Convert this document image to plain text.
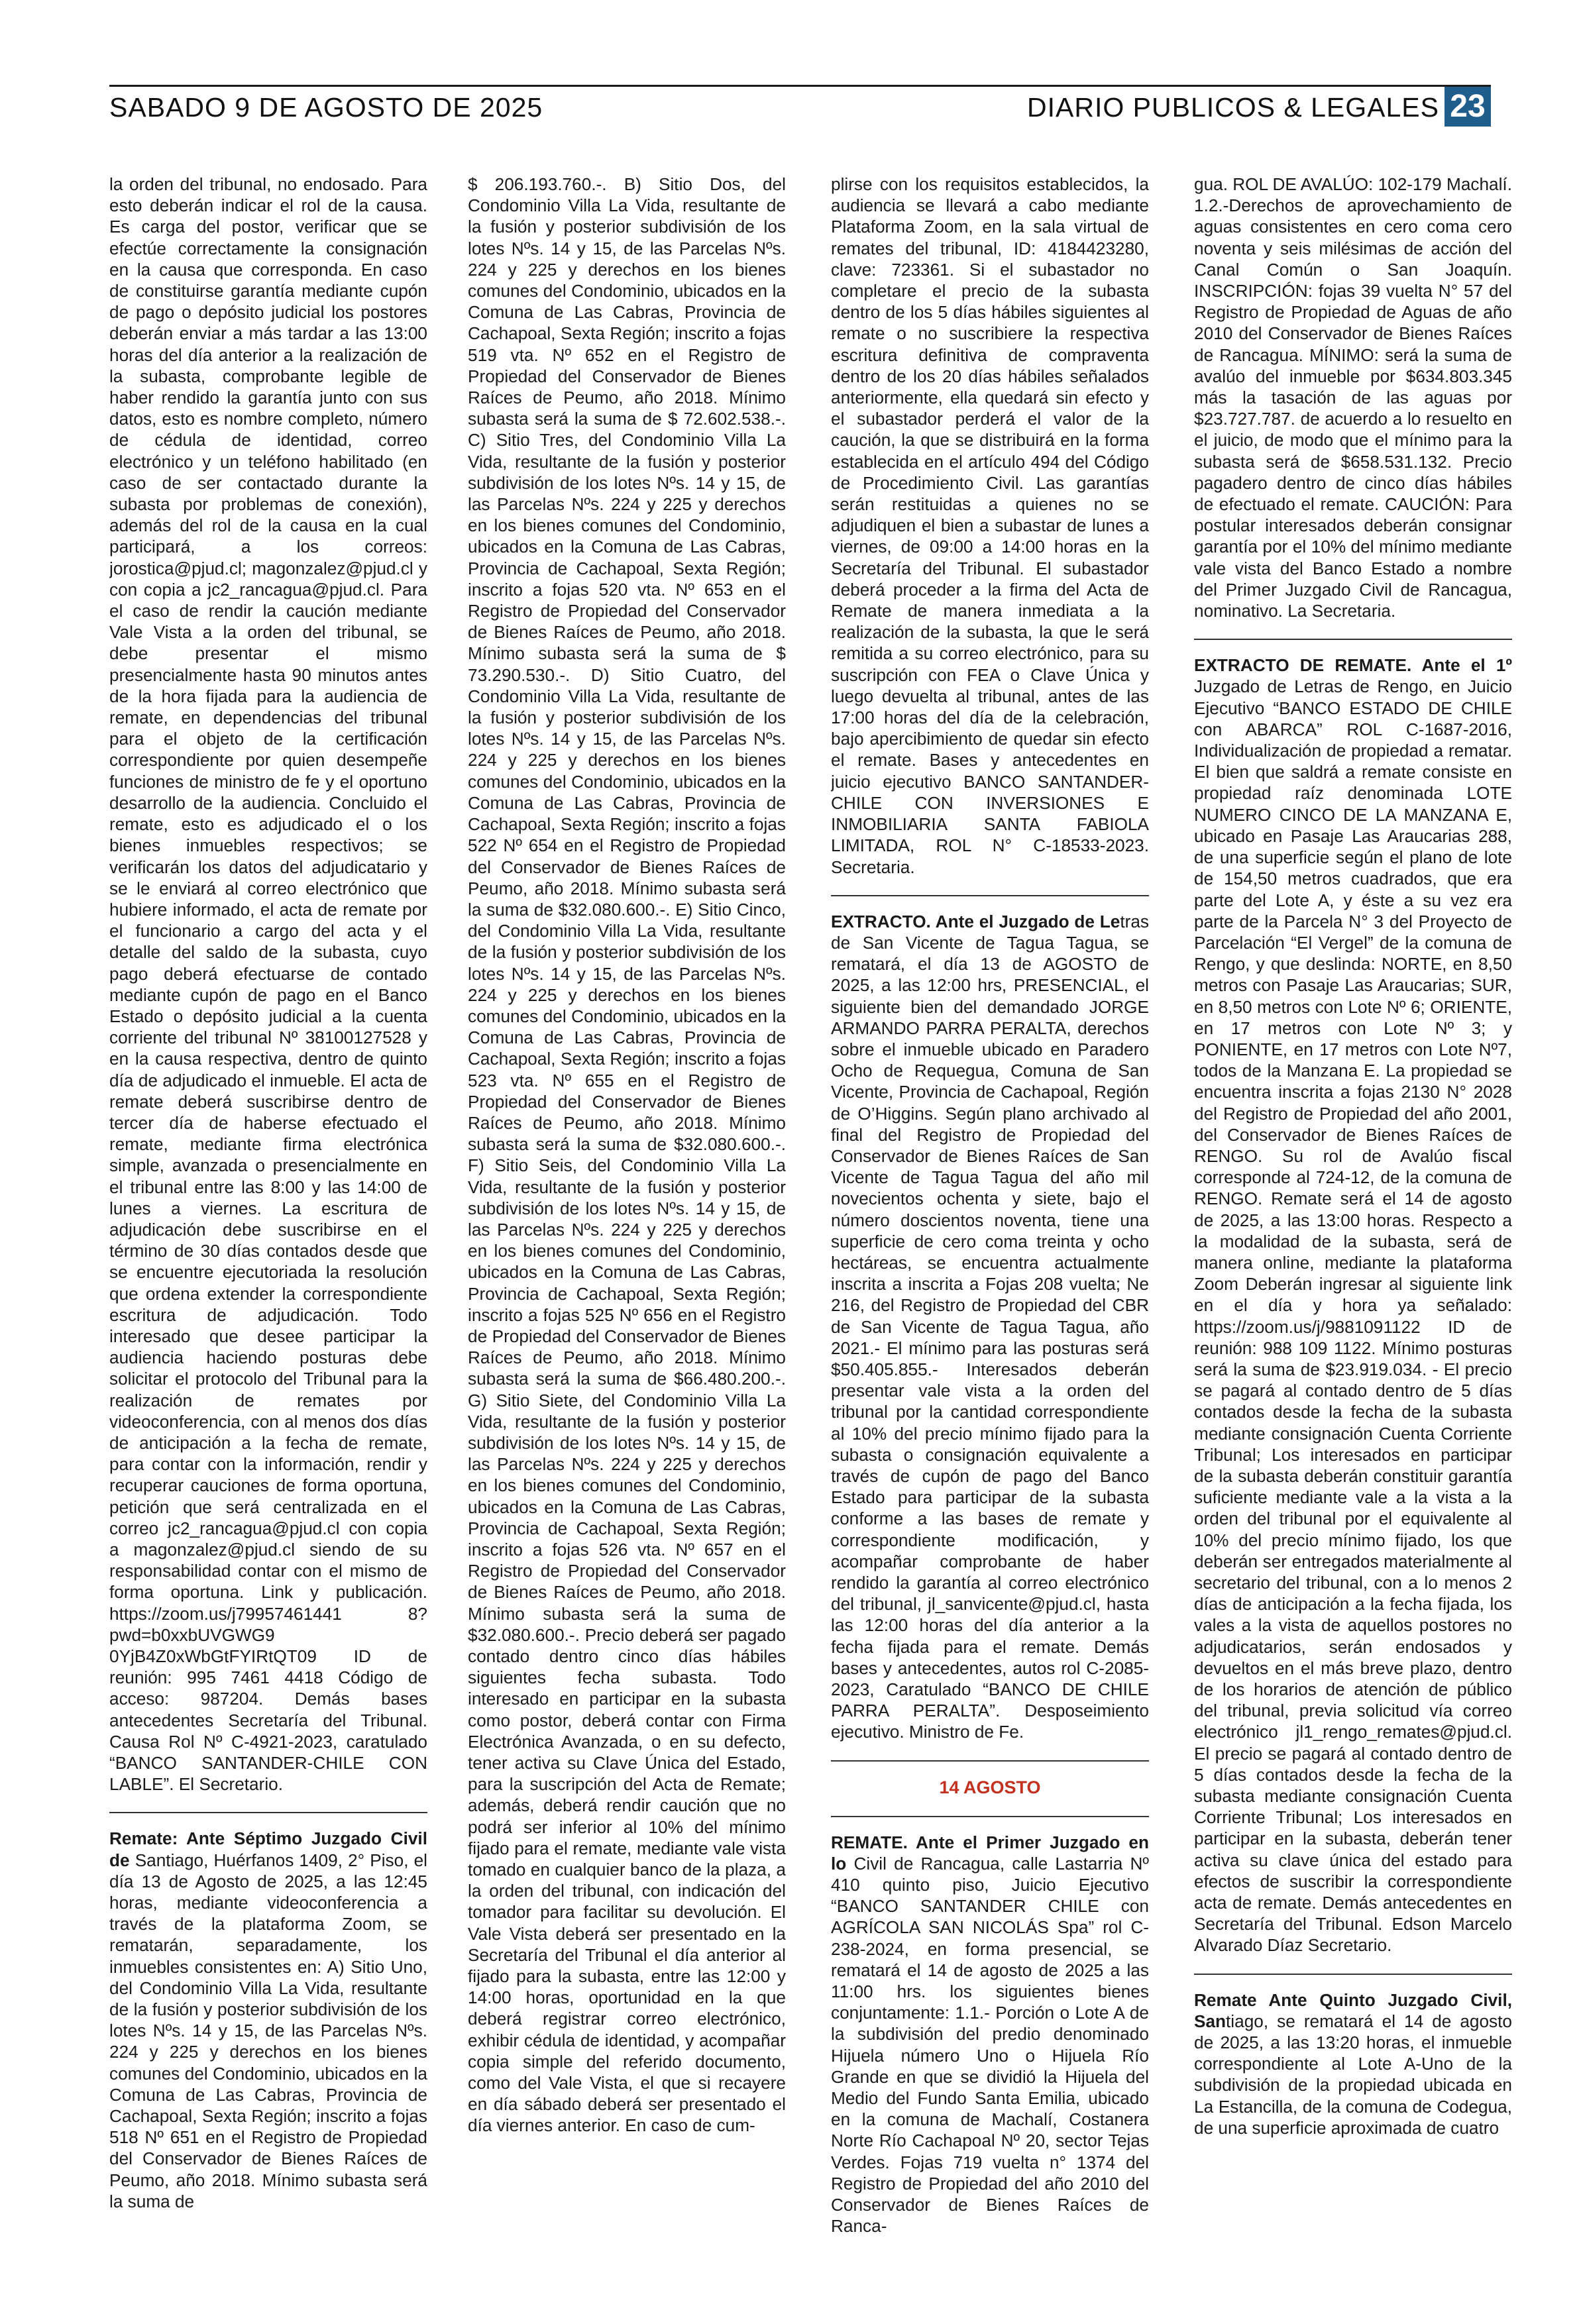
SABADO 9 DE AGOSTO DE 2025	DIARIO PUBLICOS & LEGALES 23

la orden del tribunal, no endosado. Para esto deberán indicar el rol de la causa. Es carga del postor, verificar que se efectúe correctamente la consignación en la causa que corresponda. En caso de constituirse garantía mediante cupón de pago o depósito judicial los postores deberán enviar a más tardar a las 13:00 horas del día anterior a la realización de la subasta, comprobante legible de haber rendido la garantía junto con sus datos, esto es nombre completo, número de cédula de identidad, correo electrónico y un teléfono habilitado (en caso de ser contactado durante la subasta por problemas de conexión), además del rol de la causa en la cual participará, a los correos: jorostica@pjud.cl; magonzalez@pjud.cl y con copia a jc2_rancagua@pjud.cl. Para el caso de rendir la caución mediante Vale Vista a la orden del tribunal, se debe presentar el mismo presencialmente hasta 90 minutos antes de la hora fijada para la audiencia de remate, en dependencias del tribunal para el objeto de la certificación correspondiente por quien desempeñe funciones de ministro de fe y el oportuno desarrollo de la audiencia. Concluido el remate, esto es adjudicado el o los bienes inmuebles respectivos; se verificarán los datos del adjudicatario y se le enviará al correo electrónico que hubiere informado, el acta de remate por el funcionario a cargo del acta y el detalle del saldo de la subasta, cuyo pago deberá efectuarse de contado mediante cupón de pago en el Banco Estado o depósito judicial a la cuenta corriente del tribunal Nº 38100127528 y en la causa respectiva, dentro de quinto día de adjudicado el inmueble. El acta de remate deberá suscribirse dentro de tercer día de haberse efectuado el remate, mediante firma electrónica simple, avanzada o presencialmente en el tribunal entre las 8:00 y las 14:00 de lunes a viernes. La escritura de adjudicación debe suscribirse en el término de 30 días contados desde que se encuentre ejecutoriada la resolución que ordena extender la correspondiente escritura de adjudicación. Todo interesado que desee participar la audiencia haciendo posturas debe solicitar el protocolo del Tribunal para la realización de remates por videoconferencia, con al menos dos días de anticipación a la fecha de remate, para contar con la información, rendir y recuperar cauciones de forma oportuna, petición que será centralizada en el correo jc2_rancagua@pjud.cl con copia a magonzalez@pjud.cl siendo de su responsabilidad contar con el mismo de forma oportuna. Link y publicación. https://zoom.us/j79957461441 8?pwd=b0xxbUVGWG9 0YjB4Z0xWbGtFYIRtQT09 ID de reunión: 995 7461 4418 Código de acceso: 987204. Demás bases antecedentes Secretaría del Tribunal. Causa Rol Nº C-4921-2023, caratulado “BANCO SANTANDER-CHILE CON LABLE”. El Secretario.

Remate: Ante Séptimo Juzgado Civil de Santiago, Huérfanos 1409, 2° Piso, el día 13 de Agosto de 2025, a las 12:45 horas, mediante videoconferencia a través de la plataforma Zoom, se rematarán, separadamente, los inmuebles consistentes en: A) Sitio Uno, del Condominio Villa La Vida, resultante de la fusión y posterior subdivisión de los lotes Nºs. 14 y 15, de las Parcelas Nºs. 224 y 225 y derechos en los bienes comunes del Condominio, ubicados en la Comuna de Las Cabras, Provincia de Cachapoal, Sexta Región; inscrito a fojas 518 Nº 651 en el Registro de Propiedad del Conservador de Bienes Raíces de Peumo, año 2018. Mínimo subasta será la suma de

$ 206.193.760.-. B) Sitio Dos, del Condominio Villa La Vida, resultante de la fusión y posterior subdivisión de los lotes Nºs. 14 y 15, de las Parcelas Nºs. 224 y 225 y derechos en los bienes comunes del Condominio, ubicados en la Comuna de Las Cabras, Provincia de Cachapoal, Sexta Región; inscrito a fojas 519 vta. Nº 652 en el Registro de Propiedad del Conservador de Bienes Raíces de Peumo, año 2018. Mínimo subasta será la suma de $ 72.602.538.-. C) Sitio Tres, del Condominio Villa La Vida, resultante de la fusión y posterior subdivisión de los lotes Nºs. 14 y 15, de las Parcelas Nºs. 224 y 225 y derechos en los bienes comunes del Condominio, ubicados en la Comuna de Las Cabras, Provincia de Cachapoal, Sexta Región; inscrito a fojas 520 vta. Nº 653 en el Registro de Propiedad del Conservador de Bienes Raíces de Peumo, año 2018. Mínimo subasta será la suma de $ 73.290.530.-. D) Sitio Cuatro, del Condominio Villa La Vida, resultante de la fusión y posterior subdivisión de los lotes Nºs. 14 y 15, de las Parcelas Nºs. 224 y 225 y derechos en los bienes comunes del Condominio, ubicados en la Comuna de Las Cabras, Provincia de Cachapoal, Sexta Región; inscrito a fojas 522 Nº 654 en el Registro de Propiedad del Conservador de Bienes Raíces de Peumo, año 2018. Mínimo subasta será la suma de $32.080.600.-. E) Sitio Cinco, del Condominio Villa La Vida, resultante de la fusión y posterior subdivisión de los lotes Nºs. 14 y 15, de las Parcelas Nºs. 224 y 225 y derechos en los bienes comunes del Condominio, ubicados en la Comuna de Las Cabras, Provincia de Cachapoal, Sexta Región; inscrito a fojas 523 vta. Nº 655 en el Registro de Propiedad del Conservador de Bienes Raíces de Peumo, año 2018. Mínimo subasta será la suma de $32.080.600.-. F) Sitio Seis, del Condominio Villa La Vida, resultante de la fusión y posterior subdivisión de los lotes Nºs. 14 y 15, de las Parcelas Nºs. 224 y 225 y derechos en los bienes comunes del Condominio, ubicados en la Comuna de Las Cabras, Provincia de Cachapoal, Sexta Región; inscrito a fojas 525 Nº 656 en el Registro de Propiedad del Conservador de Bienes Raíces de Peumo, año 2018. Mínimo subasta será la suma de $66.480.200.-. G) Sitio Siete, del Condominio Villa La Vida, resultante de la fusión y posterior subdivisión de los lotes Nºs. 14 y 15, de las Parcelas Nºs. 224 y 225 y derechos en los bienes comunes del Condominio, ubicados en la Comuna de Las Cabras, Provincia de Cachapoal, Sexta Región; inscrito a fojas 526 vta. Nº 657 en el Registro de Propiedad del Conservador de Bienes Raíces de Peumo, año 2018. Mínimo subasta será la suma de $32.080.600.-. Precio deberá ser pagado contado dentro cinco días hábiles siguientes fecha subasta. Todo interesado en participar en la subasta como postor, deberá contar con Firma Electrónica Avanzada, o en su defecto, tener activa su Clave Única del Estado, para la suscripción del Acta de Remate; además, deberá rendir caución que no podrá ser inferior al 10% del mínimo fijado para el remate, mediante vale vista tomado en cualquier banco de la plaza, a la orden del tribunal, con indicación del tomador para facilitar su devolución. El Vale Vista deberá ser presentado en la Secretaría del Tribunal el día anterior al fijado para la subasta, entre las 12:00 y 14:00 horas, oportunidad en la que deberá registrar correo electrónico, exhibir cédula de identidad, y acompañar copia simple del referido documento, como del Vale Vista, el que si recayere en día sábado deberá ser presentado el día viernes anterior. En caso de cum-

plirse con los requisitos establecidos, la audiencia se llevará a cabo mediante Plataforma Zoom, en la sala virtual de remates del tribunal, ID: 4184423280, clave: 723361. Si el subastador no completare el precio de la subasta dentro de los 5 días hábiles siguientes al remate o no suscribiere la respectiva escritura definitiva de compraventa dentro de los 20 días hábiles señalados anteriormente, ella quedará sin efecto y el subastador perderá el valor de la caución, la que se distribuirá en la forma establecida en el artículo 494 del Código de Procedimiento Civil. Las garantías serán restituidas a quienes no se adjudiquen el bien a subastar de lunes a viernes, de 09:00 a 14:00 horas en la Secretaría del Tribunal. El subastador deberá proceder a la firma del Acta de Remate de manera inmediata a la realización de la subasta, la que le será remitida a su correo electrónico, para su suscripción con FEA o Clave Única y luego devuelta al tribunal, antes de las 17:00 horas del día de la celebración, bajo apercibimiento de quedar sin efecto el remate. Bases y antecedentes en juicio ejecutivo BANCO SANTANDER-CHILE CON INVERSIONES E INMOBILIARIA SANTA FABIOLA LIMITADA, ROL N° C-18533-2023. Secretaria.

EXTRACTO. Ante el Juzgado de Letras de San Vicente de Tagua Tagua, se rematará, el día 13 de AGOSTO de 2025, a las 12:00 hrs, PRESENCIAL, el siguiente bien del demandado JORGE ARMANDO PARRA PERALTA, derechos sobre el inmueble ubicado en Paradero Ocho de Requegua, Comuna de San Vicente, Provincia de Cachapoal, Región de O’Higgins. Según plano archivado al final del Registro de Propiedad del Conservador de Bienes Raíces de San Vicente de Tagua Tagua del año mil novecientos ochenta y siete, bajo el número doscientos noventa, tiene una superficie de cero coma treinta y ocho hectáreas, se encuentra actualmente inscrita a inscrita a Fojas 208 vuelta; Ne 216, del Registro de Propiedad del CBR de San Vicente de Tagua Tagua, año 2021.- El mínimo para las posturas será $50.405.855.- Interesados deberán presentar vale vista a la orden del tribunal por la cantidad correspondiente al 10% del precio mínimo fijado para la subasta o consignación equivalente a través de cupón de pago del Banco Estado para participar de la subasta conforme a las bases de remate y correspondiente modificación, y acompañar comprobante de haber rendido la garantía al correo electrónico del tribunal, jl_sanvicente@pjud.cl, hasta las 12:00 horas del día anterior a la fecha fijada para el remate. Demás bases y antecedentes, autos rol C-2085-2023, Caratulado “BANCO DE CHILE PARRA PERALTA”. Desposeimiento ejecutivo. Ministro de Fe.

14 AGOSTO

REMATE. Ante el Primer Juzgado en lo Civil de Rancagua, calle Lastarria Nº 410 quinto piso, Juicio Ejecutivo “BANCO SANTANDER CHILE con AGRÍCOLA SAN NICOLÁS Spa” rol C-238-2024, en forma presencial, se rematará el 14 de agosto de 2025 a las 11:00 hrs. los siguientes bienes conjuntamente: 1.1.- Porción o Lote A de la subdivisión del predio denominado Hijuela número Uno o Hijuela Río Grande en que se dividió la Hijuela del Medio del Fundo Santa Emilia, ubicado en la comuna de Machalí, Costanera Norte Río Cachapoal Nº 20, sector Tejas Verdes. Fojas 719 vuelta n° 1374 del Registro de Propiedad del año 2010 del Conservador de Bienes Raíces de Ranca-

gua. ROL DE AVALÚO: 102-179 Machalí. 1.2.-Derechos de aprovechamiento de aguas consistentes en cero coma cero noventa y seis milésimas de acción del Canal Común o San Joaquín. INSCRIPCIÓN: fojas 39 vuelta N° 57 del Registro de Propiedad de Aguas de año 2010 del Conservador de Bienes Raíces de Rancagua. MÍNIMO: será la suma de avalúo del inmueble por $634.803.345 más la tasación de las aguas por $23.727.787. de acuerdo a lo resuelto en el juicio, de modo que el mínimo para la subasta será de $658.531.132. Precio pagadero dentro de cinco días hábiles de efectuado el remate. CAUCIÓN: Para postular interesados deberán consignar garantía por el 10% del mínimo mediante vale vista del Banco Estado a nombre del Primer Juzgado Civil de Rancagua, nominativo. La Secretaria.

EXTRACTO DE REMATE. Ante el 1º Juzgado de Letras de Rengo, en Juicio Ejecutivo “BANCO ESTADO DE CHILE con ABARCA” ROL C-1687-2016, Individualización de propiedad a rematar. El bien que saldrá a remate consiste en propiedad raíz denominada LOTE NUMERO CINCO DE LA MANZANA E, ubicado en Pasaje Las Araucarias 288, de una superficie según el plano de lote de 154,50 metros cuadrados, que era parte del Lote A, y éste a su vez era parte de la Parcela N° 3 del Proyecto de Parcelación “El Vergel” de la comuna de Rengo, y que deslinda: NORTE, en 8,50 metros con Pasaje Las Araucarias; SUR, en 8,50 metros con Lote Nº 6; ORIENTE, en 17 metros con Lote Nº 3; y PONIENTE, en 17 metros con Lote Nº7, todos de la Manzana E. La propiedad se encuentra inscrita a fojas 2130 N° 2028 del Registro de Propiedad del año 2001, del Conservador de Bienes Raíces de RENGO. Su rol de Avalúo fiscal corresponde al 724-12, de la comuna de RENGO. Remate será el 14 de agosto de 2025, a las 13:00 horas. Respecto a la modalidad de la subasta, será de manera online, mediante la plataforma Zoom Deberán ingresar al siguiente link en el día y hora ya señalado: https://zoom.us/j/9881091122 ID de reunión: 988 109 1122. Mínimo posturas será la suma de $23.919.034. - El precio se pagará al contado dentro de 5 días contados desde la fecha de la subasta mediante consignación Cuenta Corriente Tribunal; Los interesados en participar de la subasta deberán constituir garantía suficiente mediante vale a la vista a la orden del tribunal por el equivalente al 10% del precio mínimo fijado, los que deberán ser entregados materialmente al secretario del tribunal, con a lo menos 2 días de anticipación a la fecha fijada, los vales a la vista de aquellos postores no adjudicatarios, serán endosados y devueltos en el más breve plazo, dentro de los horarios de atención de público del tribunal, previa solicitud vía correo electrónico jl1_rengo_remates@pjud.cl. El precio se pagará al contado dentro de 5 días contados desde la fecha de la subasta mediante consignación Cuenta Corriente Tribunal; Los interesados en participar en la subasta, deberán tener activa su clave única del estado para efectos de suscribir la correspondiente acta de remate. Demás antecedentes en Secretaría del Tribunal. Edson Marcelo Alvarado Díaz Secretario.

Remate Ante Quinto Juzgado Civil, Santiago, se rematará el 14 de agosto de 2025, a las 13:20 horas, el inmueble correspondiente al Lote A-Uno de la subdivisión de la propiedad ubicada en La Estancilla, de la comuna de Codegua, de una superficie aproximada de cuatro
